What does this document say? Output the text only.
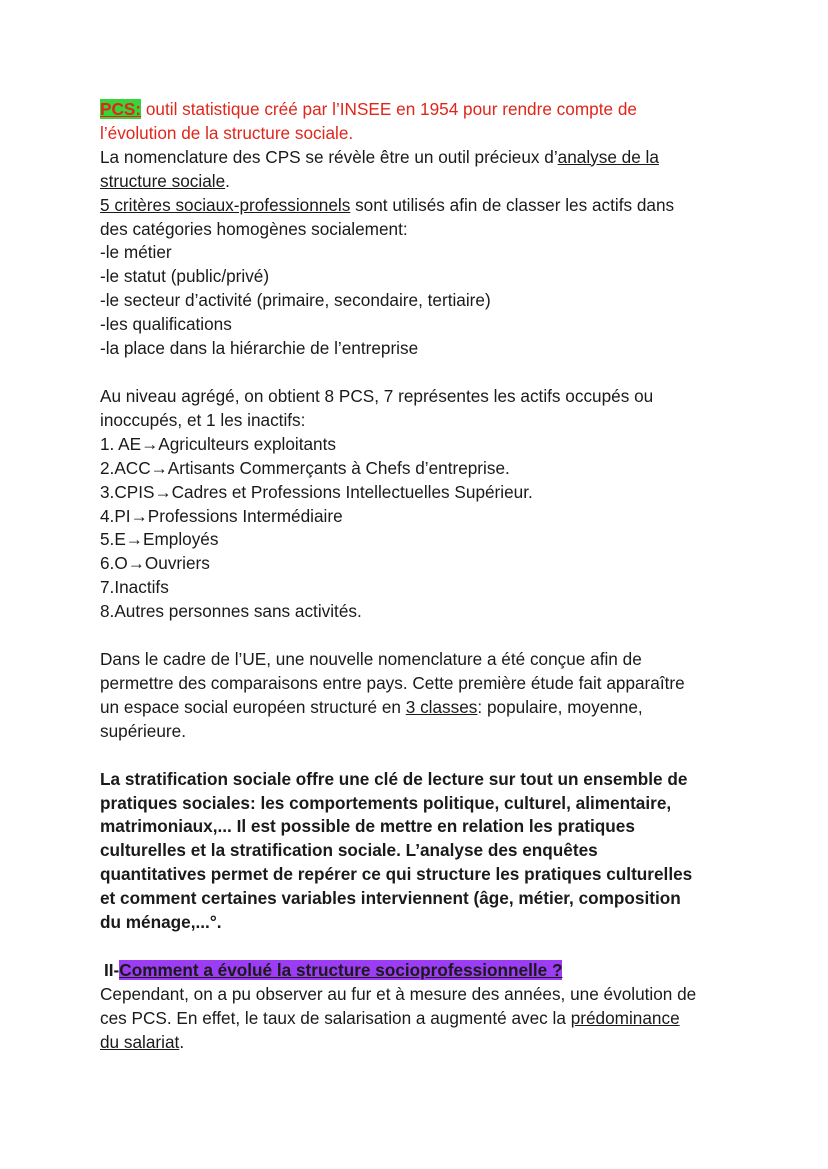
PCS: outil statistique créé par l’INSEE en 1954 pour rendre compte de
l’évolution de la structure sociale.
La nomenclature des CPS se révèle être un outil précieux d’analyse de la
structure sociale.
5 critères sociaux-professionnels sont utilisés afin de classer les actifs dans
des catégories homogènes socialement:
-le métier
-le statut (public/privé)
-le secteur d’activité (primaire, secondaire, tertiaire)
-les qualifications
-la place dans la hiérarchie de l’entreprise
Au niveau agrégé, on obtient 8 PCS, 7 représentes les actifs occupés ou
inoccupés, et 1 les inactifs:
1. AE→Agriculteurs exploitants
2.ACC→Artisants Commerçants à Chefs d’entreprise.
3.CPIS→Cadres et Professions Intellectuelles Supérieur.
4.PI→Professions Intermédiaire
5.E→Employés
6.O→Ouvriers
7.Inactifs
8.Autres personnes sans activités.
Dans le cadre de l’UE, une nouvelle nomenclature a été conçue afin de
permettre des comparaisons entre pays. Cette première étude fait apparaître
un espace social européen structuré en 3 classes: populaire, moyenne,
supérieure.
La stratification sociale offre une clé de lecture sur tout un ensemble de
pratiques sociales: les comportements politique, culturel, alimentaire,
matrimoniaux,... Il est possible de mettre en relation les pratiques
culturelles et la stratification sociale. L’analyse des enquêtes
quantitatives permet de repérer ce qui structure les pratiques culturelles
et comment certaines variables interviennent (âge, métier, composition
du ménage,...°.
II-Comment a évolué la structure socioprofessionnelle ?
Cependant, on a pu observer au fur et à mesure des années, une évolution de
ces PCS. En effet, le taux de salarisation a augmenté avec la prédominance
du salariat.
